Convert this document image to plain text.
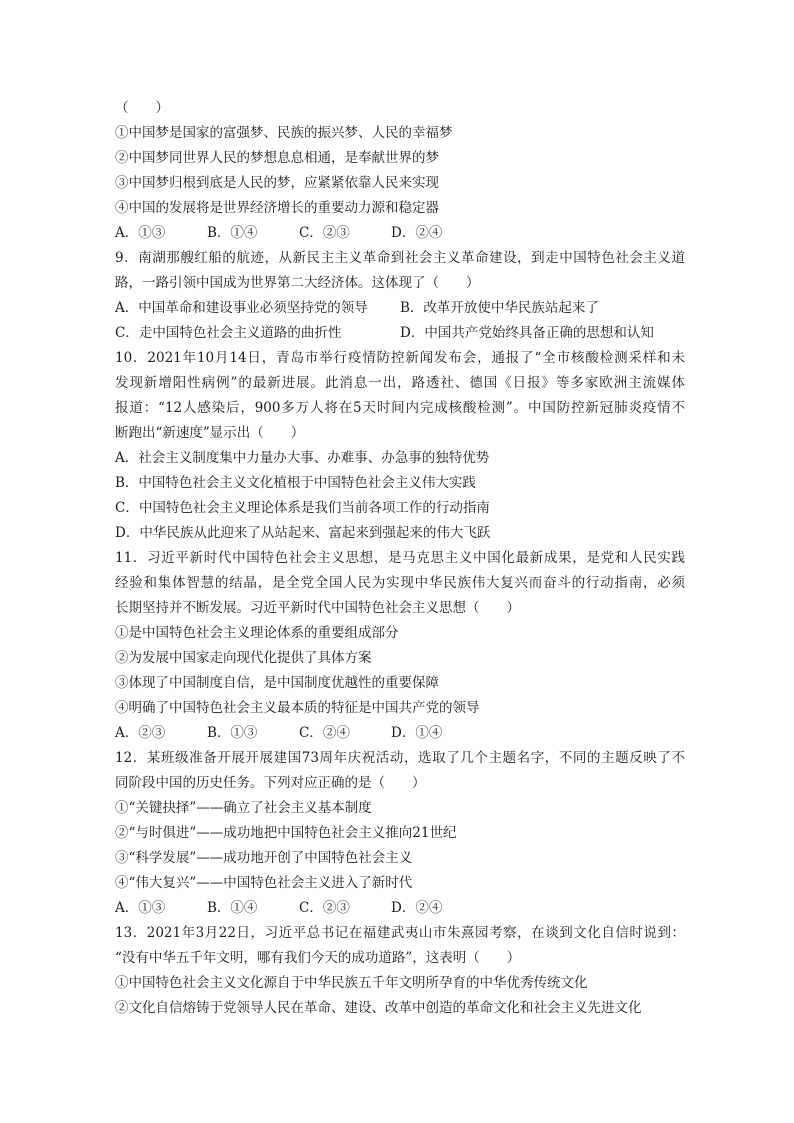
（　　）
①中国梦是国家的富强梦、民族的振兴梦、人民的幸福梦
②中国梦同世界人民的梦想息息相通，是奉献世界的梦
③中国梦归根到底是人民的梦，应紧紧依靠人民来实现
④中国的发展将是世界经济增长的重要动力源和稳定器
A．①③	B．①④	C．②③	D．②④
9．南湖那艘红船的航迹，从新民主主义革命到社会主义革命建设，到走中国特色社会主义道
路，一路引领中国成为世界第二大经济体。这体现了（　　）
A．中国革命和建设事业必须坚持党的领导	B．改革开放使中华民族站起来了
C．走中国特色社会主义道路的曲折性	D．中国共产党始终具备正确的思想和认知
10．2021年10月14日，青岛市举行疫情防控新闻发布会，通报了“全市核酸检测采样和未
发现新增阳性病例”的最新进展。此消息一出，路透社、德国《日报》等多家欧洲主流媒体
报道：“12人感染后，900多万人将在5天时间内完成核酸检测”。中国防控新冠肺炎疫情不
断跑出“新速度”显示出（　　）
A．社会主义制度集中力量办大事、办难事、办急事的独特优势
B．中国特色社会主义文化植根于中国特色社会主义伟大实践
C．中国特色社会主义理论体系是我们当前各项工作的行动指南
D．中华民族从此迎来了从站起来、富起来到强起来的伟大飞跃
11．习近平新时代中国特色社会主义思想，是马克思主义中国化最新成果，是党和人民实践
经验和集体智慧的结晶，是全党全国人民为实现中华民族伟大复兴而奋斗的行动指南，必须
长期坚持并不断发展。习近平新时代中国特色社会主义思想（　　）
①是中国特色社会主义理论体系的重要组成部分
②为发展中国家走向现代化提供了具体方案
③体现了中国制度自信，是中国制度优越性的重要保障
④明确了中国特色社会主义最本质的特征是中国共产党的领导
A．②③	B．①③	C．②④	D．①④
12．某班级准备开展开展建国73周年庆祝活动，选取了几个主题名字，不同的主题反映了不
同阶段中国的历史任务。下列对应正确的是（　　）
①“关键抉择”——确立了社会主义基本制度
②“与时俱进”——成功地把中国特色社会主义推向21世纪
③“科学发展”——成功地开创了中国特色社会主义
④“伟大复兴”——中国特色社会主义进入了新时代
A．①③	B．①④	C．②③	D．②④
13．2021年3月22日，习近平总书记在福建武夷山市朱熹园考察，在谈到文化自信时说到：
“没有中华五千年文明，哪有我们今天的成功道路”，这表明（　　）
①中国特色社会主义文化源自于中华民族五千年文明所孕育的中华优秀传统文化
②文化自信熔铸于党领导人民在革命、建设、改革中创造的革命文化和社会主义先进文化
